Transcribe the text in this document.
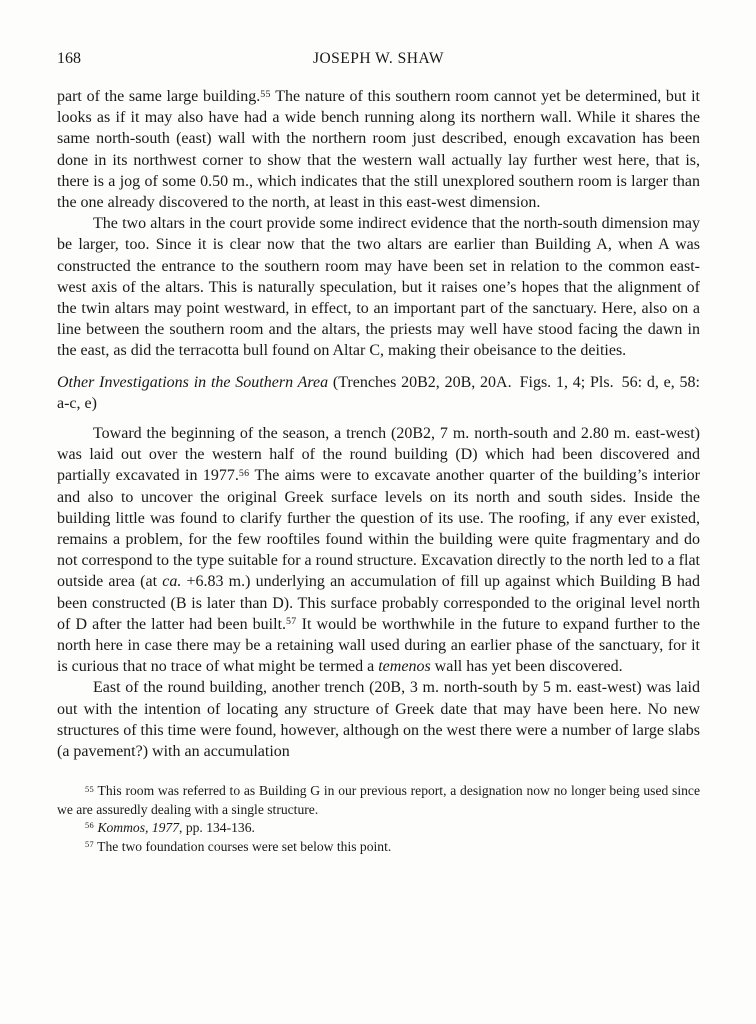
168	JOSEPH W. SHAW

part of the same large building.$^{55}$ The nature of this southern room cannot yet be determined, but it looks as if it may also have had a wide bench running along its northern wall. While it shares the same north-south (east) wall with the northern room just described, enough excavation has been done in its northwest corner to show that the western wall actually lay further west here, that is, there is a jog of some 0.50 m., which indicates that the still unexplored southern room is larger than the one already discovered to the north, at least in this east-west dimension.

The two altars in the court provide some indirect evidence that the north-south dimension may be larger, too. Since it is clear now that the two altars are earlier than Building A, when A was constructed the entrance to the southern room may have been set in relation to the common east-west axis of the altars. This is naturally speculation, but it raises one’s hopes that the alignment of the twin altars may point westward, in effect, to an important part of the sanctuary. Here, also on a line between the southern room and the altars, the priests may well have stood facing the dawn in the east, as did the terracotta bull found on Altar C, making their obeisance to the deities.

Other Investigations in the Southern Area (Trenches 20B2, 20B, 20A. Figs. 1, 4; Pls. 56: d, e, 58: a-c, e)

Toward the beginning of the season, a trench (20B2, 7 m. north-south and 2.80 m. east-west) was laid out over the western half of the round building (D) which had been discovered and partially excavated in 1977.56 The aims were to excavate another quarter of the building’s interior and also to uncover the original Greek surface levels on its north and south sides. Inside the building little was found to clarify further the question of its use. The roofing, if any ever existed, remains a problem, for the few rooftiles found within the building were quite fragmentary and do not correspond to the type suitable for a round structure. Excavation directly to the north led to a flat outside area (at ca. +6.83 m.) underlying an accumulation of fill up against which Building B had been constructed (B is later than D). This surface probably corresponded to the original level north of D after the latter had been built.$^{57}$ It would be worthwhile in the future to expand further to the north here in case there may be a retaining wall used during an earlier phase of the sanctuary, for it is curious that no trace of what might be termed a temenos wall has yet been discovered.

East of the round building, another trench (20B, 3 m. north-south by 5 m. east-west) was laid out with the intention of locating any structure of Greek date that may have been here. No new structures of this time were found, however, although on the west there were a number of large slabs (a pavement?) with an accumulation

$^{55}$ This room was referred to as Building G in our previous report, a designation now no longer being used since we are assuredly dealing with a single structure.

$^{56}$ Kommos, 1977, pp. 134-136.

$^{57}$ The two foundation courses were set below this point.
